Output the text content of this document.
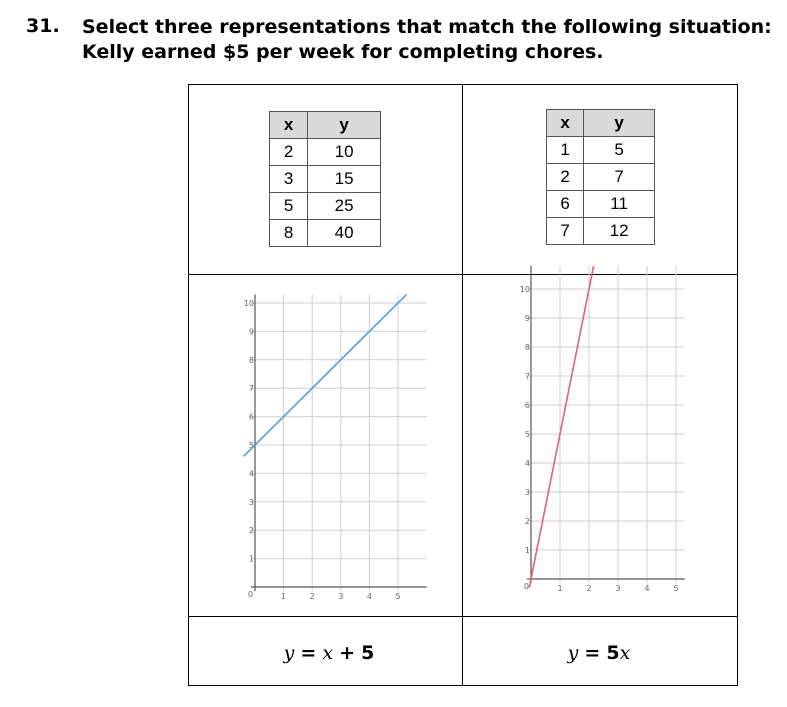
31. Select three representations that match the following situation:
Kelly earned $5 per week for completing chores.
x	y
2	10
3	15
5	25
8	40
x	y
1	5
2	7
6	11
7	12
1	2	3	4	5
1
2
3
4
5
6
7
8
9
10
0
1	2	3	4	5
1
2
3
4
5
6
7
8
9
10
0
y = x + 5	y = 5x
